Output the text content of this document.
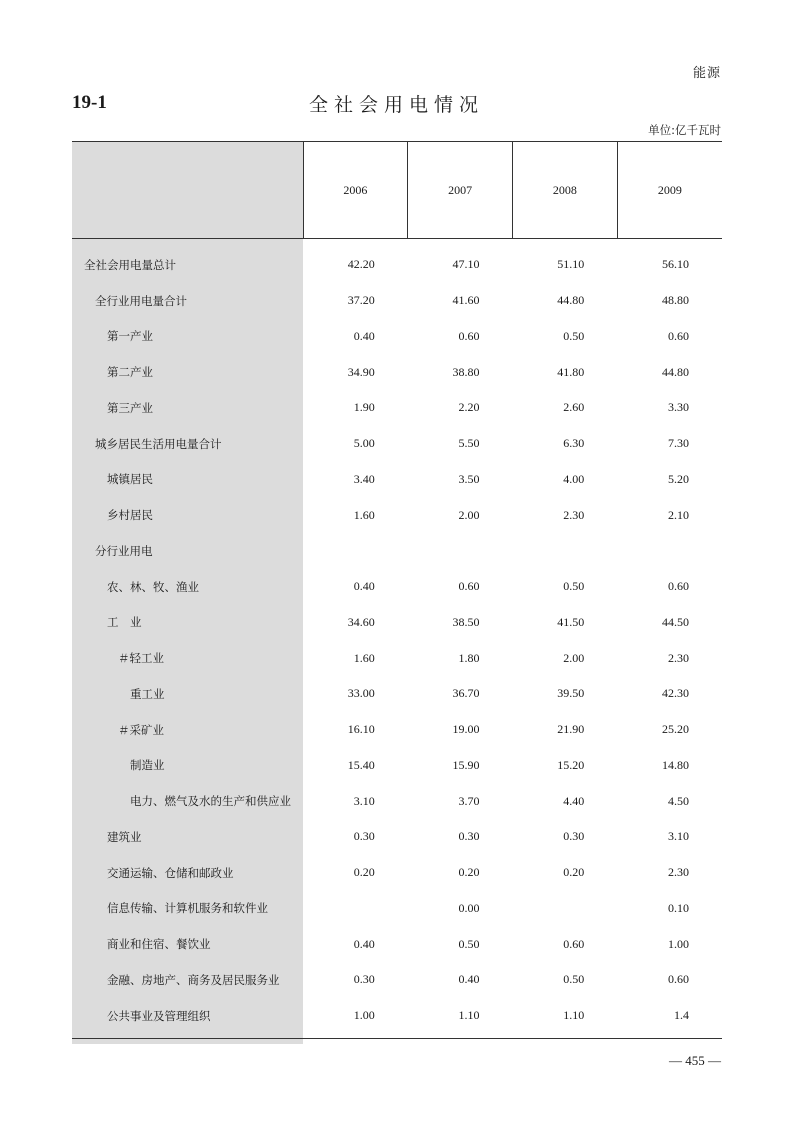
能源
19-1	全社会用电情况
单位:亿千瓦时
	2006	2007	2008	2009
全社会用电量总计	42.20	47.10	51.10	56.10
全行业用电量合计	37.20	41.60	44.80	48.80
第一产业	0.40	0.60	0.50	0.60
第二产业	34.90	38.80	41.80	44.80
第三产业	1.90	2.20	2.60	3.30
城乡居民生活用电量合计	5.00	5.50	6.30	7.30
城镇居民	3.40	3.50	4.00	5.20
乡村居民	1.60	2.00	2.30	2.10
分行业用电				
农、林、牧、渔业	0.40	0.60	0.50	0.60
工　业	34.60	38.50	41.50	44.50
＃轻工业	1.60	1.80	2.00	2.30
重工业	33.00	36.70	39.50	42.30
＃采矿业	16.10	19.00	21.90	25.20
制造业	15.40	15.90	15.20	14.80
电力、燃气及水的生产和供应业	3.10	3.70	4.40	4.50
建筑业	0.30	0.30	0.30	3.10
交通运输、仓储和邮政业	0.20	0.20	0.20	2.30
信息传输、计算机服务和软件业		0.00		0.10
商业和住宿、餐饮业	0.40	0.50	0.60	1.00
金融、房地产、商务及居民服务业	0.30	0.40	0.50	0.60
公共事业及管理组织	1.00	1.10	1.10	1.4
— 455 —
